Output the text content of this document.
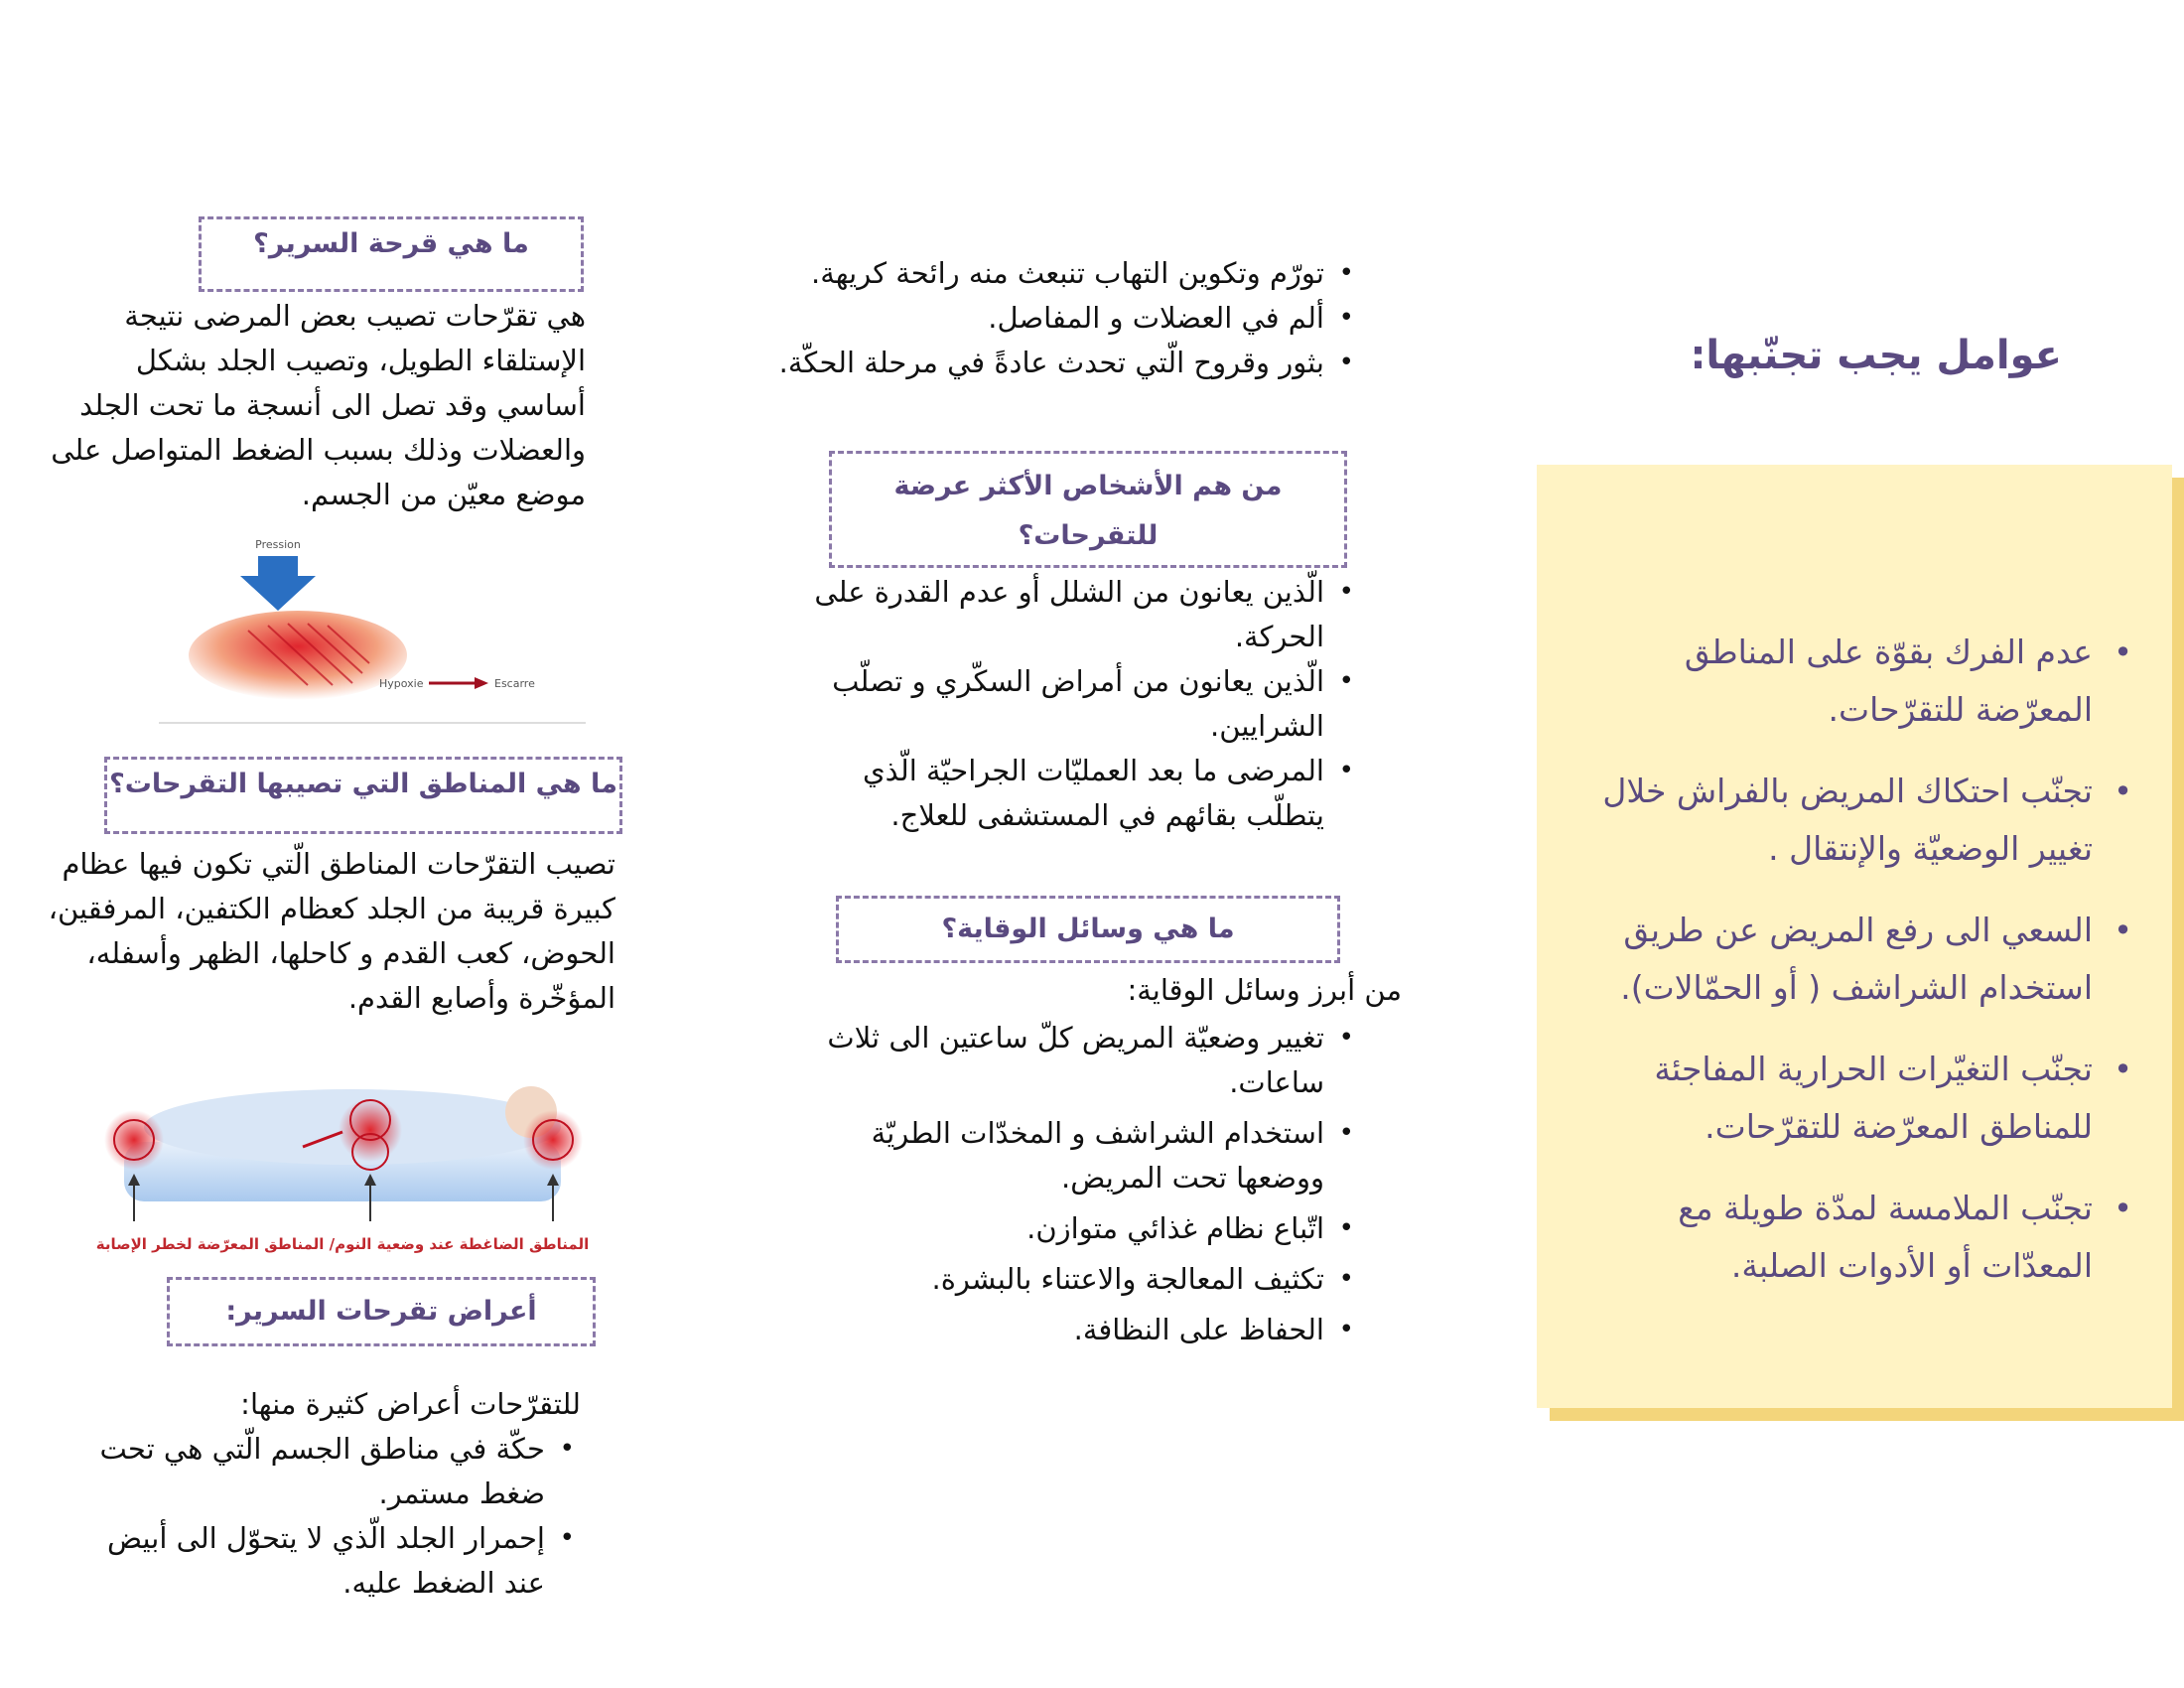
ما هي قرحة السرير؟
هي تقرّحات تصيب بعض المرضى نتيجة الإستلقاء الطويل، وتصيب الجلد بشكل أساسي وقد تصل الى أنسجة ما تحت الجلد والعضلات وذلك بسبب الضغط المتواصل على موضع معيّن من الجسم.
Pression
Hypoxie	Escarre
ما هي المناطق التي تصيبها التقرحات؟
تصيب التقرّحات المناطق الّتي تكون فيها عظام كبيرة قريبة من الجلد كعظام الكتفين، المرفقين، الحوض، كعب القدم و كاحلها، الظهر وأسفله، المؤخّرة وأصابع القدم.
المناطق الضاغطة عند وضعية النوم/ المناطق المعرّضة لخطر الإصابة
أعراض تقرحات السرير:
للتقرّحات أعراض كثيرة منها:
• حكّة في مناطق الجسم الّتي هي تحت ضغط مستمر.
• إحمرار الجلد الّذي لا يتحوّل الى أبيض عند الضغط عليه.
• تورّم وتكوين التهاب تنبعث منه رائحة كريهة.
• ألم في العضلات و المفاصل.
• بثور وقروح الّتي تحدث عادةً في مرحلة الحكّة.
من هم الأشخاص الأكثر عرضة للتقرحات؟
• الّذين يعانون من الشلل أو عدم القدرة على الحركة.
• الّذين يعانون من أمراض السكّري و تصلّب الشرايين.
• المرضى ما بعد العمليّات الجراحيّة الّذي يتطلّب بقائهم في المستشفى للعلاج.
ما هي وسائل الوقاية؟
من أبرز وسائل الوقاية:
• تغيير وضعيّة المريض كلّ ساعتين الى ثلاث ساعات.
• استخدام الشراشف و المخدّات الطريّة ووضعها تحت المريض.
• اتّباع نظام غذائي متوازن.
• تكثيف المعالجة والاعتناء بالبشرة.
• الحفاظ على النظافة.
عوامل يجب تجنّبها:
• عدم الفرك بقوّة على المناطق المعرّضة للتقرّحات.
• تجنّب احتكاك المريض بالفراش خلال تغيير الوضعيّة والإنتقال .
• السعي الى رفع المريض عن طريق استخدام الشراشف ( أو الحمّالات).
• تجنّب التغيّرات الحرارية المفاجئة للمناطق المعرّضة للتقرّحات.
• تجنّب الملامسة لمدّة طويلة مع المعدّات أو الأدوات الصلبة.
